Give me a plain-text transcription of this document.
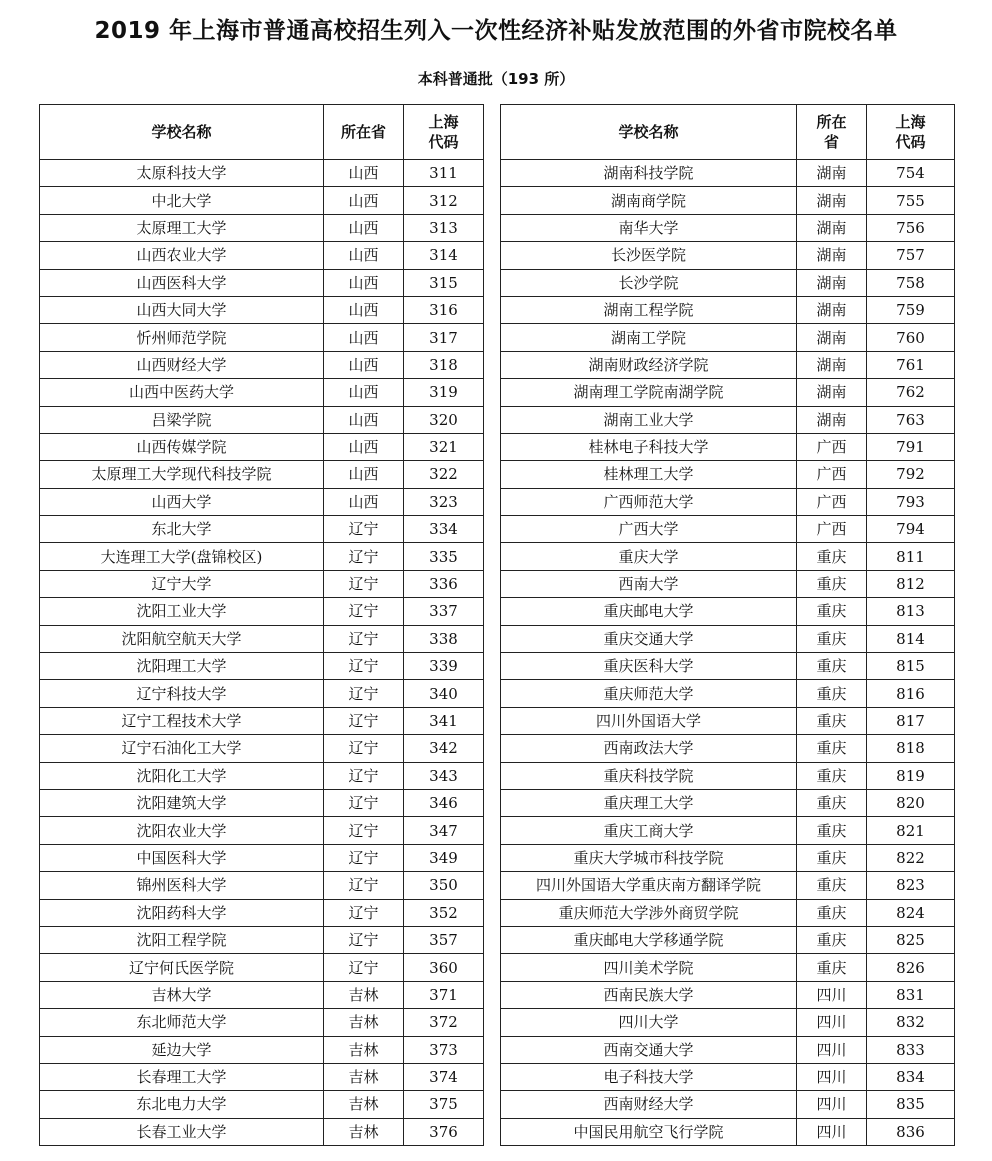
2019 年上海市普通高校招生列入一次性经济补贴发放范围的外省市院校名单
本科普通批（193 所）
学校名称	所在省	上海
代码

太原科技大学	山西	311
中北大学	山西	312
太原理工大学	山西	313
山西农业大学	山西	314
山西医科大学	山西	315
山西大同大学	山西	316
忻州师范学院	山西	317
山西财经大学	山西	318
山西中医药大学	山西	319
吕梁学院	山西	320
山西传媒学院	山西	321
太原理工大学现代科技学院	山西	322
山西大学	山西	323
东北大学	辽宁	334
大连理工大学(盘锦校区)	辽宁	335
辽宁大学	辽宁	336
沈阳工业大学	辽宁	337
沈阳航空航天大学	辽宁	338
沈阳理工大学	辽宁	339
辽宁科技大学	辽宁	340
辽宁工程技术大学	辽宁	341
辽宁石油化工大学	辽宁	342
沈阳化工大学	辽宁	343
沈阳建筑大学	辽宁	346
沈阳农业大学	辽宁	347
中国医科大学	辽宁	349
锦州医科大学	辽宁	350
沈阳药科大学	辽宁	352
沈阳工程学院	辽宁	357
辽宁何氏医学院	辽宁	360
吉林大学	吉林	371
东北师范大学	吉林	372
延边大学	吉林	373
长春理工大学	吉林	374
东北电力大学	吉林	375
长春工业大学	吉林	376
学校名称	所在
省	上海
代码

湖南科技学院	湖南	754
湖南商学院	湖南	755
南华大学	湖南	756
长沙医学院	湖南	757
长沙学院	湖南	758
湖南工程学院	湖南	759
湖南工学院	湖南	760
湖南财政经济学院	湖南	761
湖南理工学院南湖学院	湖南	762
湖南工业大学	湖南	763
桂林电子科技大学	广西	791
桂林理工大学	广西	792
广西师范大学	广西	793
广西大学	广西	794
重庆大学	重庆	811
西南大学	重庆	812
重庆邮电大学	重庆	813
重庆交通大学	重庆	814
重庆医科大学	重庆	815
重庆师范大学	重庆	816
四川外国语大学	重庆	817
西南政法大学	重庆	818
重庆科技学院	重庆	819
重庆理工大学	重庆	820
重庆工商大学	重庆	821
重庆大学城市科技学院	重庆	822
四川外国语大学重庆南方翻译学院	重庆	823
重庆师范大学涉外商贸学院	重庆	824
重庆邮电大学移通学院	重庆	825
四川美术学院	重庆	826
西南民族大学	四川	831
四川大学	四川	832
西南交通大学	四川	833
电子科技大学	四川	834
西南财经大学	四川	835
中国民用航空飞行学院	四川	836
